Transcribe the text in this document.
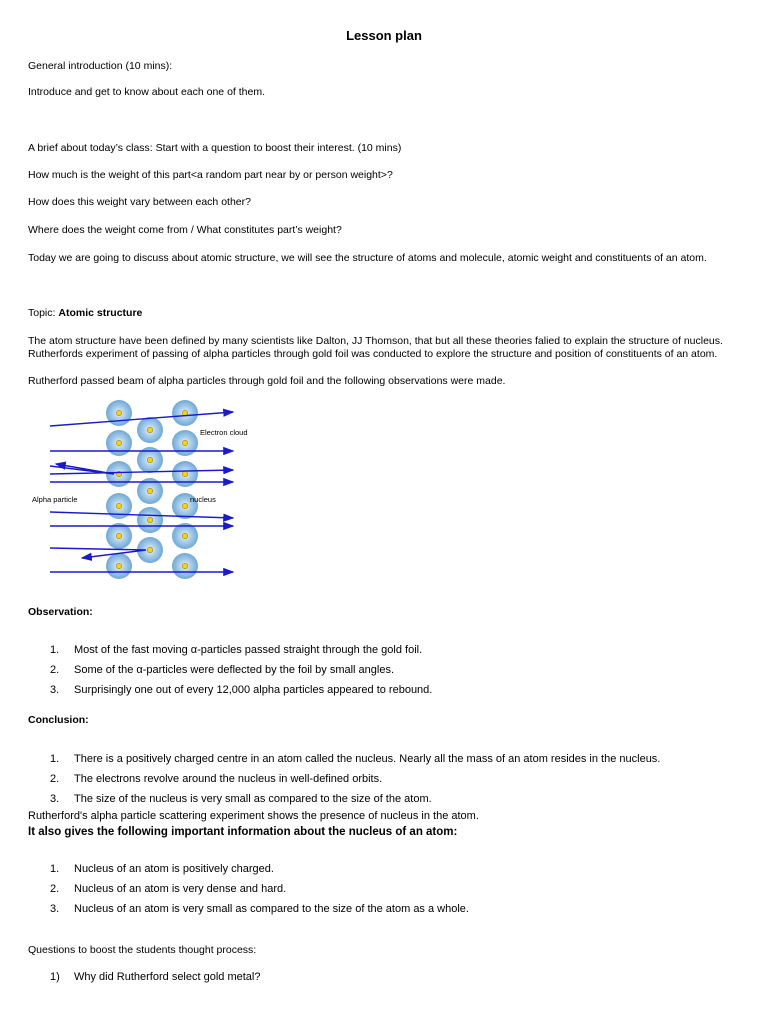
Lesson plan
General introduction (10 mins):
Introduce and get to know about each one of them.
A brief about today’s class: Start with a question to boost their interest. (10 mins)
How much is the weight of this part<a random part near by or person weight>?
How does this weight vary between each other?
Where does the weight come from / What constitutes part’s weight?
Today we are going to discuss about atomic structure, we will see the structure of atoms and molecule, atomic weight and constituents of an atom.
Topic: Atomic structure
The atom structure have been defined by many scientists like Dalton, JJ Thomson, that but all these theories falied to explain the structure of nucleus.
Rutherfords experiment of passing of alpha particles through gold foil was conducted to explore the structure and position of constituents of an atom.
Rutherford passed beam of alpha particles through gold foil and the following observations were made.
Electron cloud
Alpha particle	nucleus
Observation:
1. Most of the fast moving α-particles passed straight through the gold foil.
2. Some of the α-particles were deflected by the foil by small angles.
3. Surprisingly one out of every 12,000 alpha particles appeared to rebound.
Conclusion:
1. There is a positively charged centre in an atom called the nucleus. Nearly all the mass of an atom resides in the nucleus.
2. The electrons revolve around the nucleus in well-defined orbits.
3. The size of the nucleus is very small as compared to the size of the atom.
Rutherford's alpha particle scattering experiment shows the presence of nucleus in the atom.
It also gives the following important information about the nucleus of an atom:
1. Nucleus of an atom is positively charged.
2. Nucleus of an atom is very dense and hard.
3. Nucleus of an atom is very small as compared to the size of the atom as a whole.
Questions to boost the students thought process:
1) Why did Rutherford select gold metal?
